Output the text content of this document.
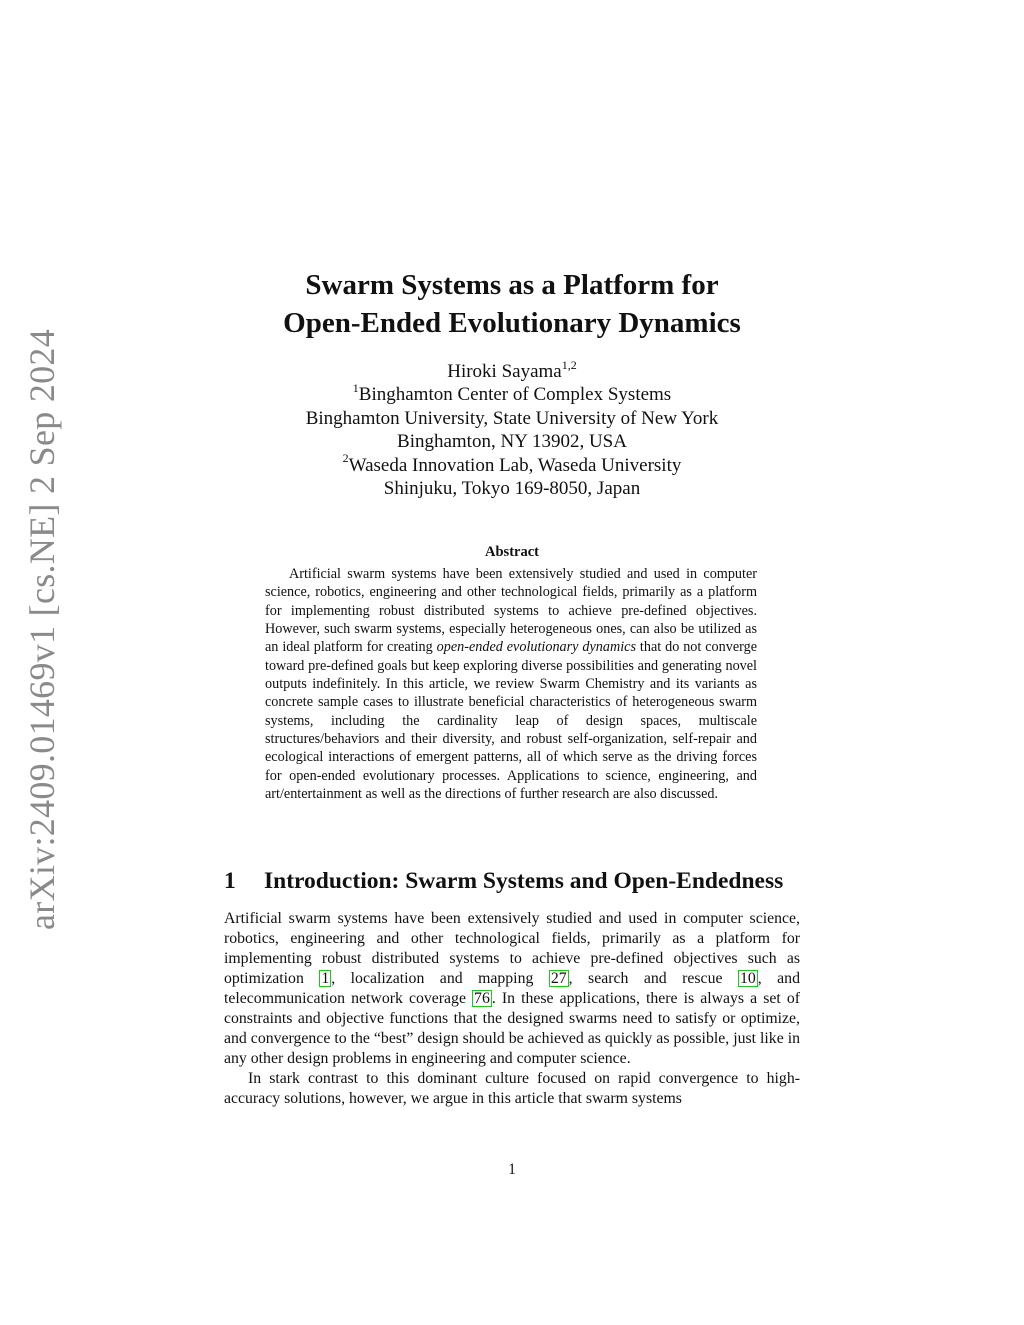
arXiv:2409.01469v1 [cs.NE] 2 Sep 2024
Swarm Systems as a Platform for
Open-Ended Evolutionary Dynamics
Hiroki Sayama$^{1,2}$
$^1$Binghamton Center of Complex Systems
Binghamton University, State University of New York
Binghamton, NY 13902, USA
$^2$Waseda Innovation Lab, Waseda University
Shinjuku, Tokyo 169-8050, Japan
Abstract

Artificial swarm systems have been extensively studied and used in computer science, robotics, engineering and other technological fields, primarily as a platform for implementing robust distributed systems to achieve pre-defined objectives. However, such swarm systems, especially heterogeneous ones, can also be utilized as an ideal platform for creating open-ended evolutionary dynamics that do not converge toward pre-defined goals but keep exploring diverse possibilities and generating novel outputs indefinitely. In this article, we review Swarm Chemistry and its variants as concrete sample cases to illustrate beneficial characteristics of heterogeneous swarm systems, including the cardinality leap of design spaces, multiscale structures/behaviors and their diversity, and robust self-organization, self-repair and ecological interactions of emergent patterns, all of which serve as the driving forces for open-ended evolutionary processes. Applications to science, engineering, and art/entertainment as well as the directions of further research are also discussed.

1 Introduction: Swarm Systems and Open-Endedness

Artificial swarm systems have been extensively studied and used in computer science, robotics, engineering and other technological fields, primarily as a platform for implementing robust distributed systems to achieve pre-defined objectives such as optimization 1 , localization and mapping 27 , search and rescue 10 , and telecommunication network coverage 76 . In these applications, there is always a set of constraints and objective functions that the designed swarms need to satisfy or optimize, and convergence to the “best” design should be achieved as quickly as possible, just like in any other design problems in engineering and computer science.

In stark contrast to this dominant culture focused on rapid convergence to high-accuracy solutions, however, we argue in this article that swarm systems

1
